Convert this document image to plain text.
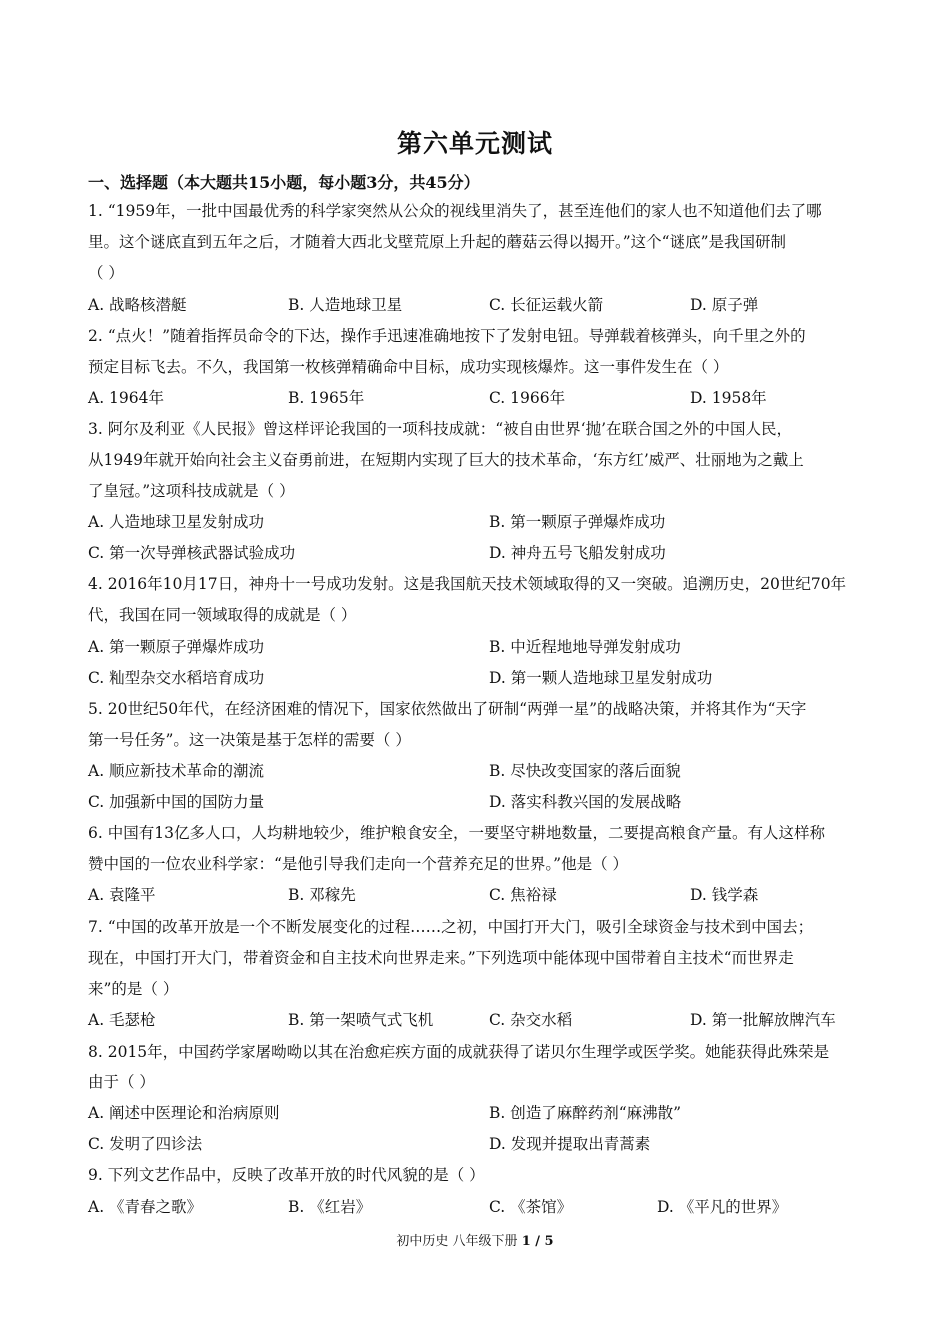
第六单元测试
一、选择题（本大题共15小题，每小题3分，共45分）
1. “1959年，一批中国最优秀的科学家突然从公众的视线里消失了，甚至连他们的家人也不知道他们去了哪
里。这个谜底直到五年之后，才随着大西北戈壁荒原上升起的蘑菇云得以揭开。”这个“谜底”是我国研制
（ ）
A. 战略核潜艇	B. 人造地球卫星	C. 长征运载火箭	D. 原子弹
2. “点火！”随着指挥员命令的下达，操作手迅速准确地按下了发射电钮。导弹载着核弹头，向千里之外的
预定目标飞去。不久，我国第一枚核弹精确命中目标，成功实现核爆炸。这一事件发生在（ ）
A. 1964年	B. 1965年	C. 1966年	D. 1958年
3. 阿尔及利亚《人民报》曾这样评论我国的一项科技成就：“被自由世界‘抛’在联合国之外的中国人民，
从1949年就开始向社会主义奋勇前进，在短期内实现了巨大的技术革命，‘东方红’威严、壮丽地为之戴上
了皇冠。”这项科技成就是（ ）
A. 人造地球卫星发射成功	B. 第一颗原子弹爆炸成功
C. 第一次导弹核武器试验成功	D. 神舟五号飞船发射成功
4. 2016年10月17日，神舟十一号成功发射。这是我国航天技术领域取得的又一突破。追溯历史，20世纪70年
代，我国在同一领域取得的成就是（ ）
A. 第一颗原子弹爆炸成功	B. 中近程地地导弹发射成功
C. 籼型杂交水稻培育成功	D. 第一颗人造地球卫星发射成功
5. 20世纪50年代，在经济困难的情况下，国家依然做出了研制“两弹一星”的战略决策，并将其作为“天字
第一号任务”。这一决策是基于怎样的需要（ ）
A. 顺应新技术革命的潮流	B. 尽快改变国家的落后面貌
C. 加强新中国的国防力量	D. 落实科教兴国的发展战略
6. 中国有13亿多人口，人均耕地较少，维护粮食安全，一要坚守耕地数量，二要提高粮食产量。有人这样称
赞中国的一位农业科学家：“是他引导我们走向一个营养充足的世界。”他是（ ）
A. 袁隆平	B. 邓稼先	C. 焦裕禄	D. 钱学森
7. “中国的改革开放是一个不断发展变化的过程……之初，中国打开大门，吸引全球资金与技术到中国去；
现在，中国打开大门，带着资金和自主技术向世界走来。”下列选项中能体现中国带着自主技术“而世界走
来”的是（ ）
A. 毛瑟枪	B. 第一架喷气式飞机	C. 杂交水稻	D. 第一批解放牌汽车
8. 2015年，中国药学家屠呦呦以其在治愈疟疾方面的成就获得了诺贝尔生理学或医学奖。她能获得此殊荣是
由于（ ）
A. 阐述中医理论和治病原则	B. 创造了麻醉药剂“麻沸散”
C. 发明了四诊法	D. 发现并提取出青蒿素
9. 下列文艺作品中，反映了改革开放的时代风貌的是（ ）
A. 《青春之歌》	B. 《红岩》	C. 《茶馆》	D. 《平凡的世界》
初中历史 八年级下册 1 / 5
